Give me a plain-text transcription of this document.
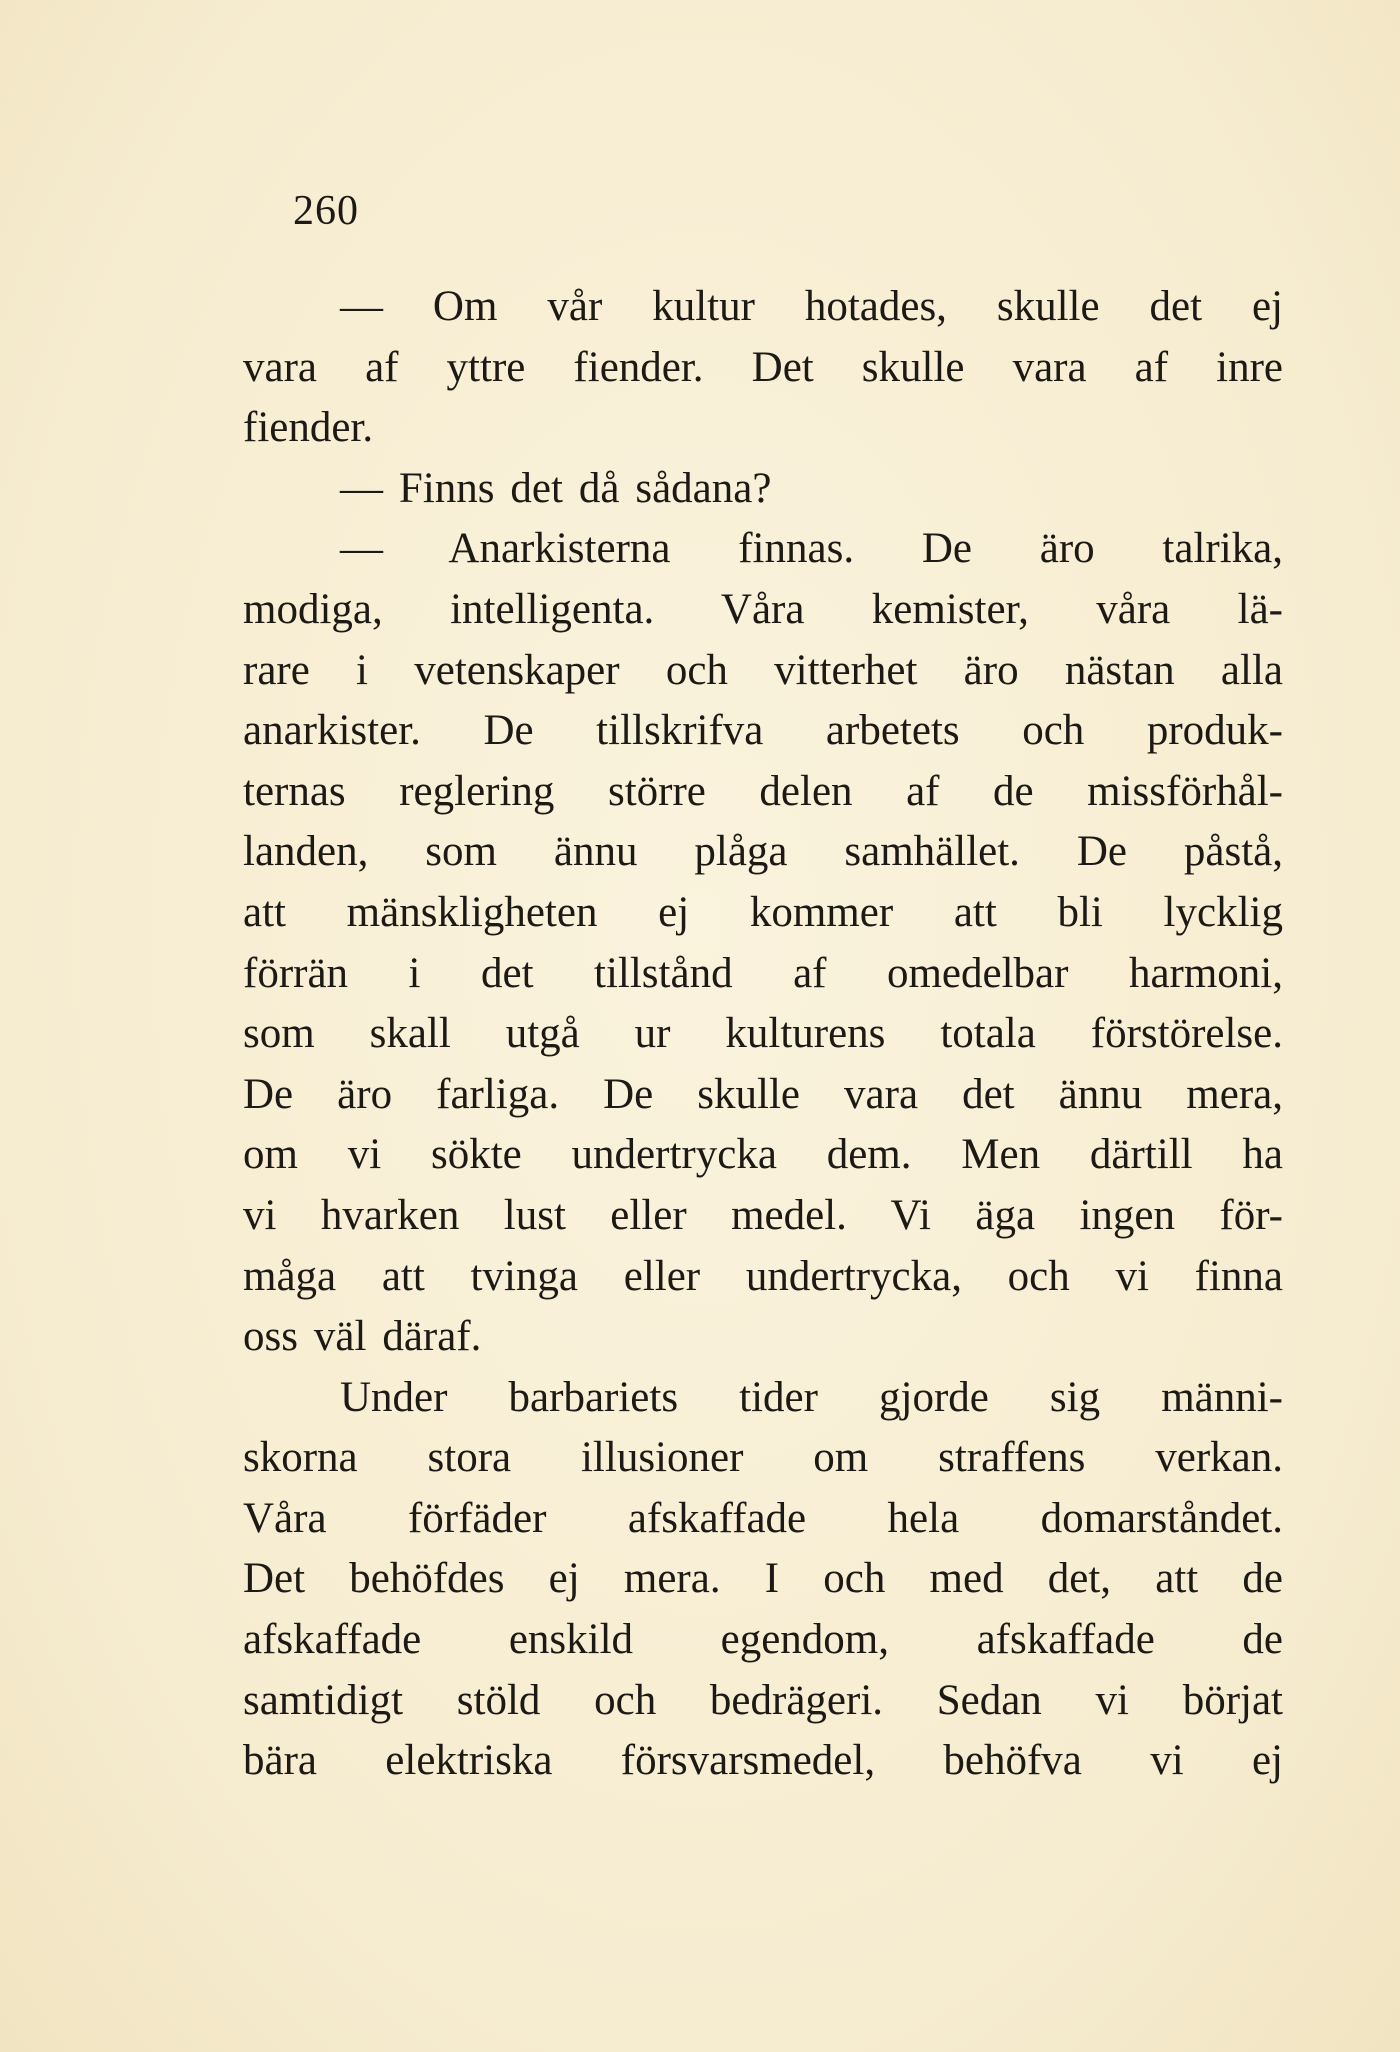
260
— Om vår kultur hotades, skulle det ej
vara af yttre fiender. Det skulle vara af inre
fiender.
— Finns det då sådana?
— Anarkisterna finnas. De äro talrika,
modiga, intelligenta. Våra kemister, våra lä-
rare i vetenskaper och vitterhet äro nästan alla
anarkister. De tillskrifva arbetets och produk-
ternas reglering större delen af de missförhål-
landen, som ännu plåga samhället. De påstå,
att mänskligheten ej kommer att bli lycklig
förrän i det tillstånd af omedelbar harmoni,
som skall utgå ur kulturens totala förstörelse.
De äro farliga. De skulle vara det ännu mera,
om vi sökte undertrycka dem. Men därtill ha
vi hvarken lust eller medel. Vi äga ingen för-
måga att tvinga eller undertrycka, och vi finna
oss väl däraf.
Under barbariets tider gjorde sig männi-
skorna stora illusioner om straffens verkan.
Våra förfäder afskaffade hela domarståndet.
Det behöfdes ej mera. I och med det, att de
afskaffade enskild egendom, afskaffade de
samtidigt stöld och bedrägeri. Sedan vi börjat
bära elektriska försvarsmedel, behöfva vi ej
